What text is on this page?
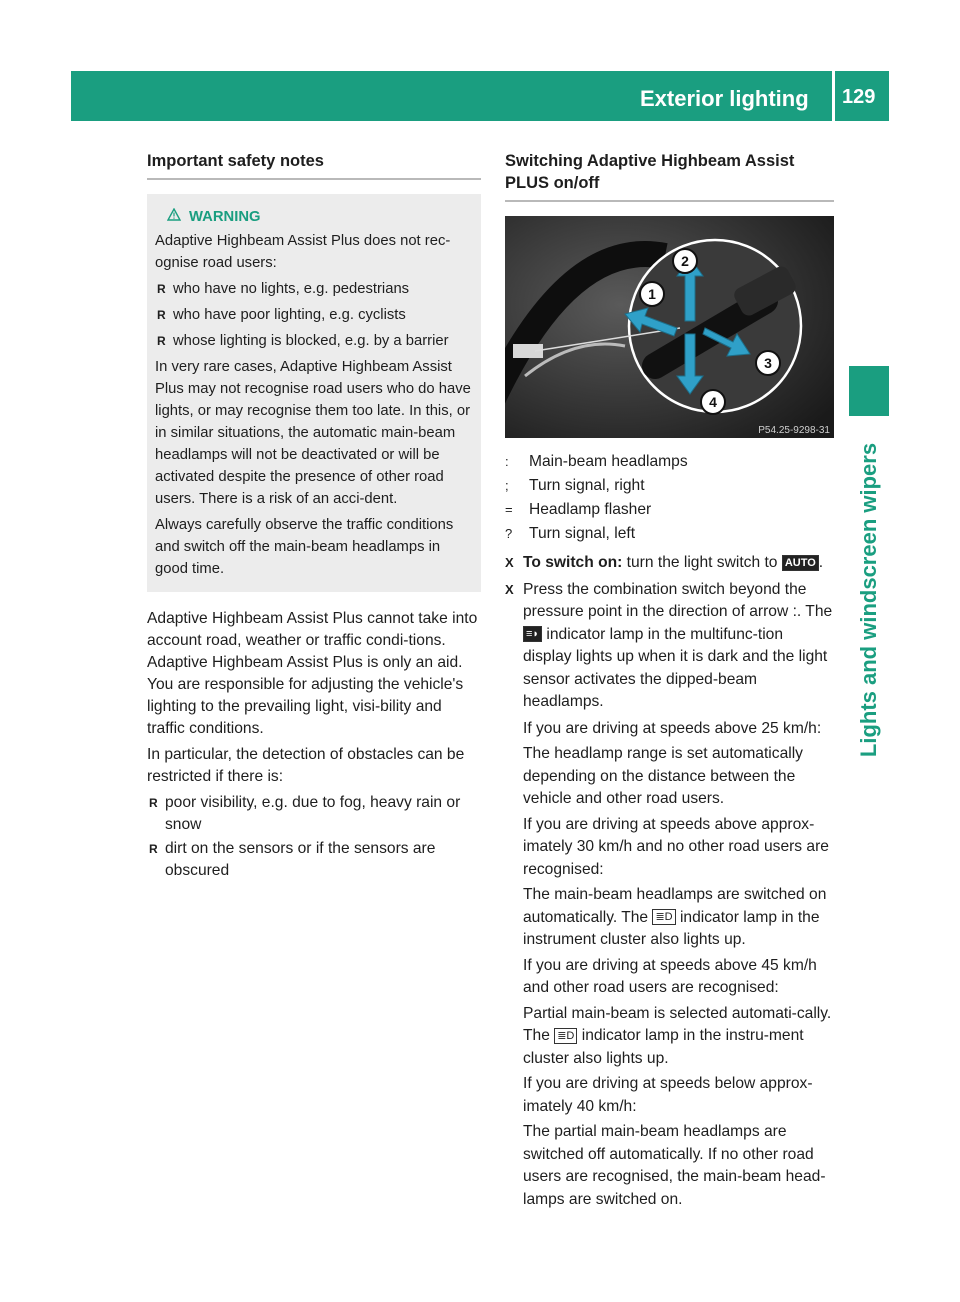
Exterior lighting 129
Lights and windscreen wipers
Important safety notes
WARNING

Adaptive Highbeam Assist Plus does not rec-ognise road users:

R who have no lights, e.g. pedestrians
R who have poor lighting, e.g. cyclists
R whose lighting is blocked, e.g. by a barrier

In very rare cases, Adaptive Highbeam Assist Plus may not recognise road users who do have lights, or may recognise them too late. In this, or in similar situations, the automatic main-beam headlamps will not be deactivated or will be activated despite the presence of other road users. There is a risk of an acci-dent.

Always carefully observe the traffic conditions and switch off the main-beam headlamps in good time.

Adaptive Highbeam Assist Plus cannot take into account road, weather or traffic condi-tions. Adaptive Highbeam Assist Plus is only an aid. You are responsible for adjusting the vehicle's lighting to the prevailing light, visi-bility and traffic conditions.

In particular, the detection of obstacles can be restricted if there is:

R poor visibility, e.g. due to fog, heavy rain or snow
R dirt on the sensors or if the sensors are obscured
Switching Adaptive Highbeam Assist PLUS on/off
1
2
3
4
P54.25-9298-31
:	Main-beam headlamps
;	Turn signal, right
=	Headlamp flasher
?	Turn signal, left
X To switch on: turn the light switch to AUTO .
X Press the combination switch beyond the pressure point in the direction of arrow :. The ≡◗ indicator lamp in the multifunc-tion display lights up when it is dark and the light sensor activates the dipped-beam headlamps.
If you are driving at speeds above 25 km/h:
The headlamp range is set automatically depending on the distance between the vehicle and other road users.
If you are driving at speeds above approx-imately 30 km/h and no other road users are recognised:
The main-beam headlamps are switched on automatically. The ≣D indicator lamp in the instrument cluster also lights up.
If you are driving at speeds above 45 km/h and other road users are recognised:
Partial main-beam is selected automati-cally. The ≣D indicator lamp in the instru-ment cluster also lights up.
If you are driving at speeds below approx-imately 40 km/h:
The partial main-beam headlamps are switched off automatically. If no other road users are recognised, the main-beam head-lamps are switched on.
